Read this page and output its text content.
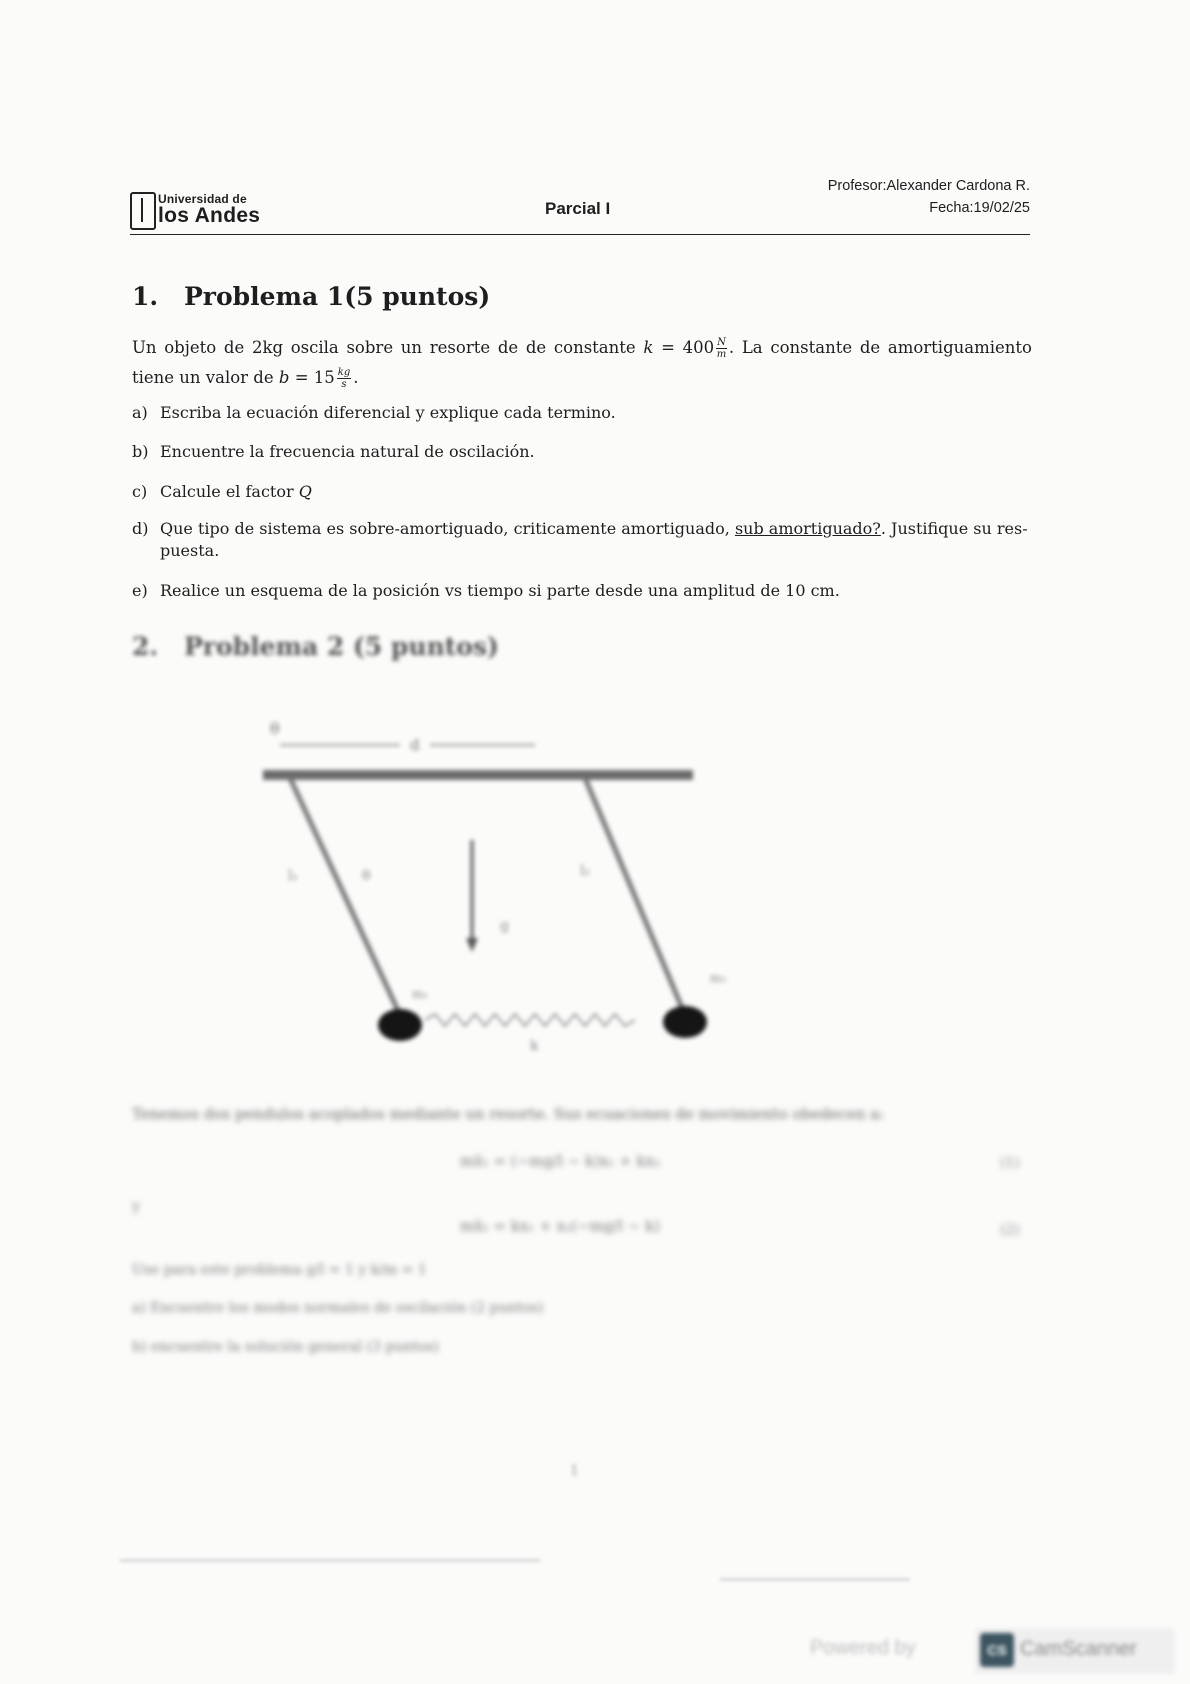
Universidad de
los Andes	Parcial I
Profesor:Alexander Cardona R.
Fecha:19/02/25
1. Problema 1(5 puntos)
Un objeto de 2kg oscila sobre un resorte de de constante $k = 400 \frac{N}{m}$ . La constante de amortiguamiento tiene un valor de $b = 15 \frac{kg}{s}$ .
a) Escriba la ecuación diferencial y explique cada termino.
b) Encuentre la frecuencia natural de oscilación.
c) Calcule el factor Q
d) Que tipo de sistema es sobre-amortiguado, criticamente amortiguado, sub amortiguado?. Justifique su res-
puesta.
e) Realice un esquema de la posición vs tiempo si parte desde una amplitud de 10 cm.
2. Problema 2 (5 puntos)
θ
d
l₁	θ	l₂
g
m₁
m₂
k
Tenemos dos pendulos acoplados mediante un resorte. Sus ecuaciones de movimiento obedecen a:
mẍ₁ = (−mg/l − k)x₁ + kx₂	(1)
y
mẍ₂ = kx₁ + x₂(−mg/l − k)	(2)
Use para este problema g/l = 1 y k/m = 1
a) Encuentre los modos normales de oscilación (2 puntos)
b) encuentre la solución general (3 puntos)
1
Powered by	CS CamScanner
